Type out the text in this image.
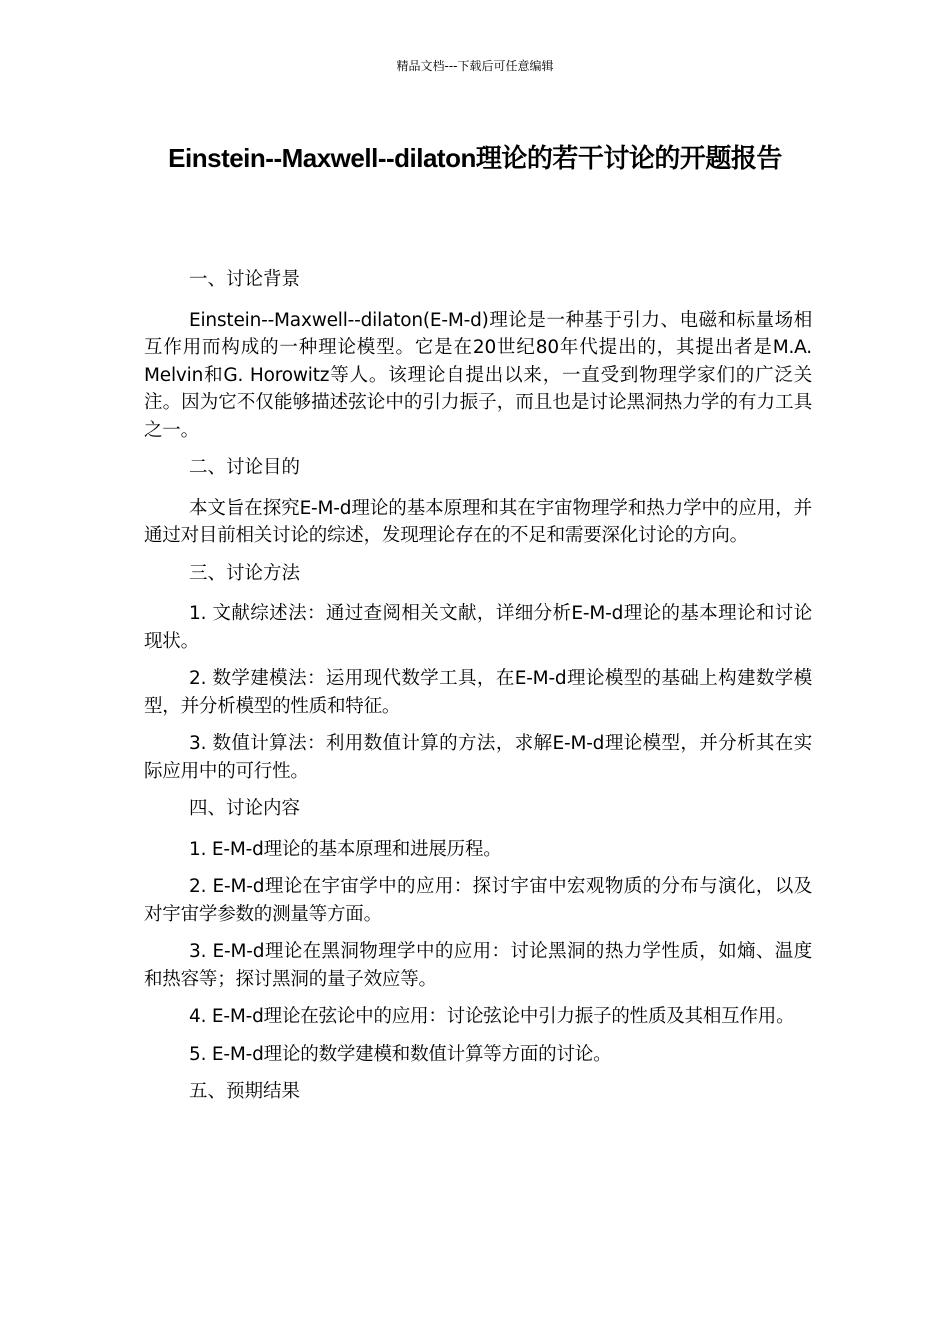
精品文档---下载后可任意编辑
Einstein--Maxwell--dilaton理论的若干讨论的开题报告

一、讨论背景

Einstein--Maxwell--dilaton(E-M-d)理论是一种基于引力、电磁和标量场相互作用而构成的一种理论模型。它是在20世纪80年代提出的，其提出者是M.A. Melvin和G. Horowitz等人。该理论自提出以来，一直受到物理学家们的广泛关注。因为它不仅能够描述弦论中的引力振子，而且也是讨论黑洞热力学的有力工具之一。

二、讨论目的

本文旨在探究E-M-d理论的基本原理和其在宇宙物理学和热力学中的应用，并通过对目前相关讨论的综述，发现理论存在的不足和需要深化讨论的方向。

三、讨论方法

1. 文献综述法：通过查阅相关文献，详细分析E-M-d理论的基本理论和讨论现状。

2. 数学建模法：运用现代数学工具，在E-M-d理论模型的基础上构建数学模型，并分析模型的性质和特征。

3. 数值计算法：利用数值计算的方法，求解E-M-d理论模型，并分析其在实际应用中的可行性。

四、讨论内容

1. E-M-d理论的基本原理和进展历程。

2. E-M-d理论在宇宙学中的应用：探讨宇宙中宏观物质的分布与演化，以及对宇宙学参数的测量等方面。

3. E-M-d理论在黑洞物理学中的应用：讨论黑洞的热力学性质，如熵、温度和热容等；探讨黑洞的量子效应等。

4. E-M-d理论在弦论中的应用：讨论弦论中引力振子的性质及其相互作用。

5. E-M-d理论的数学建模和数值计算等方面的讨论。

五、预期结果
